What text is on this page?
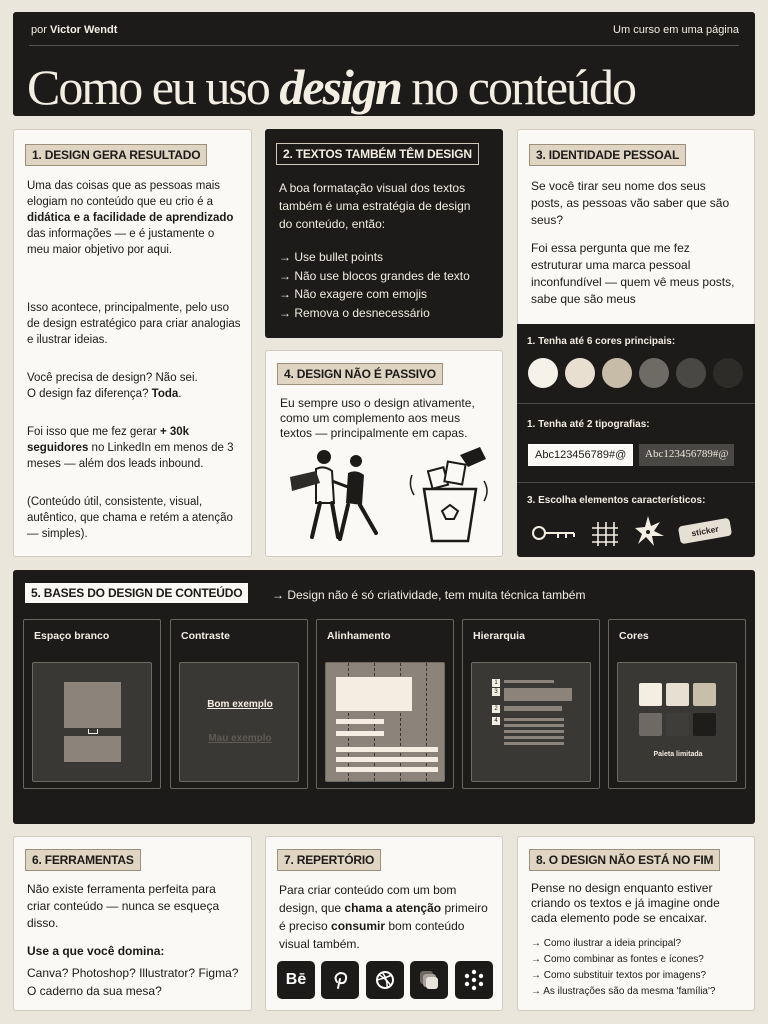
por Victor Wendt	Um curso em uma página
Como eu uso design no conteúdo
1. DESIGN GERA RESULTADO
Uma das coisas que as pessoas mais elogiam no conteúdo que eu crio é a didática e a facilidade de aprendizado das informações — e é justamente o meu maior objetivo por aqui.
Isso acontece, principalmente, pelo uso de design estratégico para criar analogias e ilustrar ideias.
Você precisa de design? Não sei.
O design faz diferença? Toda.
Foi isso que me fez gerar + 30k seguidores no LinkedIn em menos de 3 meses — além dos leads inbound.
(Conteúdo útil, consistente, visual, autêntico, que chama e retém a atenção — simples).
2. TEXTOS TAMBÉM TÊM DESIGN
A boa formatação visual dos textos também é uma estratégia de design do conteúdo, então:
→ Use bullet points
→ Não use blocos grandes de texto
→ Não exagere com emojis
→ Remova o desnecessário
3. IDENTIDADE PESSOAL
Se você tirar seu nome dos seus posts, as pessoas vão saber que são seus?
Foi essa pergunta que me fez estruturar uma marca pessoal inconfundível — quem vê meus posts, sabe que são meus
1. Tenha até 6 cores principais:
1. Tenha até 2 tipografias:
Abc123456789#@	Abc123456789#@
3. Escolha elementos característicos:
sticker
4. DESIGN NÃO É PASSIVO
Eu sempre uso o design ativamente, como um complemento aos meus textos — principalmente em capas.
5. BASES DO DESIGN DE CONTEÚDO	→ Design não é só criatividade, tem muita técnica também
Espaço branco	Contraste
Bom exemplo
Mau exemplo
Alinhamento	Hierarquia
1
3
2
4
Cores
Paleta limitada
6. FERRAMENTAS
Não existe ferramenta perfeita para criar conteúdo — nunca se esqueça disso.
Use a que você domina:
Canva? Photoshop? Illustrator? Figma? O caderno da sua mesa?
7. REPERTÓRIO
Para criar conteúdo com um bom design, que chama a atenção primeiro é preciso consumir bom conteúdo visual também.
Bē
8. O DESIGN NÃO ESTÁ NO FIM
Pense no design enquanto estiver criando os textos e já imagine onde cada elemento pode se encaixar.
→ Como ilustrar a ideia principal?
→ Como combinar as fontes e ícones?
→ Como substituir textos por imagens?
→ As ilustrações são da mesma 'família'?
